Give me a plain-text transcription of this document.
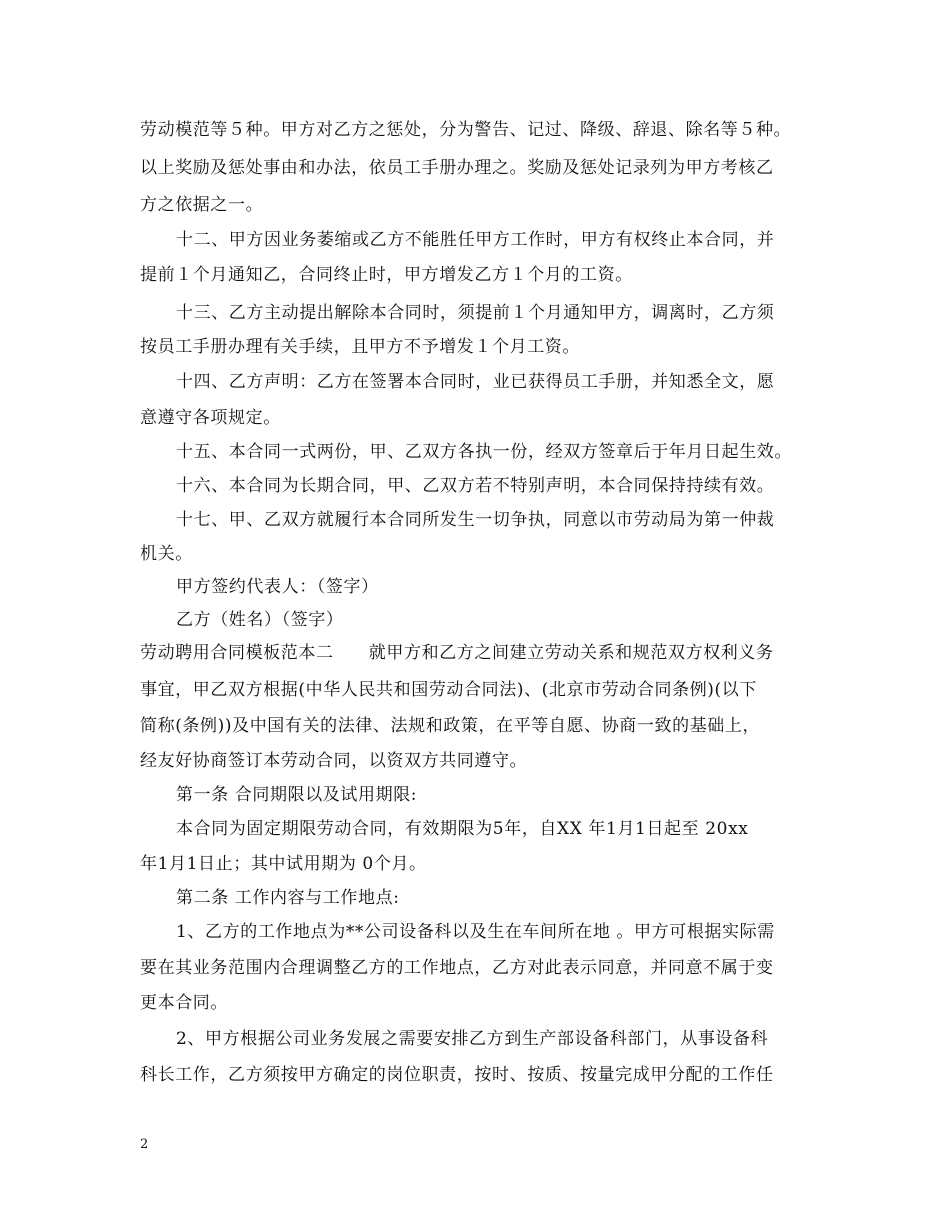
劳动模范等５种。甲方对乙方之惩处，分为警告、记过、降级、辞退、除名等５种。
以上奖励及惩处事由和办法，依员工手册办理之。奖励及惩处记录列为甲方考核乙
方之依据之一。
十二、甲方因业务萎缩或乙方不能胜任甲方工作时，甲方有权终止本合同，并
提前１个月通知乙，合同终止时，甲方增发乙方１个月的工资。
十三、乙方主动提出解除本合同时，须提前１个月通知甲方，调离时，乙方须
按员工手册办理有关手续，且甲方不予增发１个月工资。
十四、乙方声明：乙方在签署本合同时，业已获得员工手册，并知悉全文，愿
意遵守各项规定。
十五、本合同一式两份，甲、乙双方各执一份，经双方签章后于年月日起生效。
十六、本合同为长期合同，甲、乙双方若不特别声明，本合同保持持续有效。
十七、甲、乙双方就履行本合同所发生一切争执，同意以市劳动局为第一仲裁
机关。
甲方签约代表人：（签字）
乙方（姓名）（签字）
劳动聘用合同模板范本二　　就甲方和乙方之间建立劳动关系和规范双方权利义务
事宜，甲乙双方根据(中华人民共和国劳动合同法)、(北京市劳动合同条例)(以下
简称(条例))及中国有关的法律、法规和政策，在平等自愿、协商一致的基础上，
经友好协商签订本劳动合同，以资双方共同遵守。
第一条 合同期限以及试用期限:
本合同为固定期限劳动合同，有效期限为5年，自XX 年1月1日起至 20xx
年1月1日止；其中试用期为 0个月。
第二条 工作内容与工作地点:
1、乙方的工作地点为**公司设备科以及生在车间所在地 。甲方可根据实际需
要在其业务范围内合理调整乙方的工作地点，乙方对此表示同意，并同意不属于变
更本合同。
2、甲方根据公司业务发展之需要安排乙方到生产部设备科部门，从事设备科
科长工作，乙方须按甲方确定的岗位职责，按时、按质、按量完成甲分配的工作任
2
